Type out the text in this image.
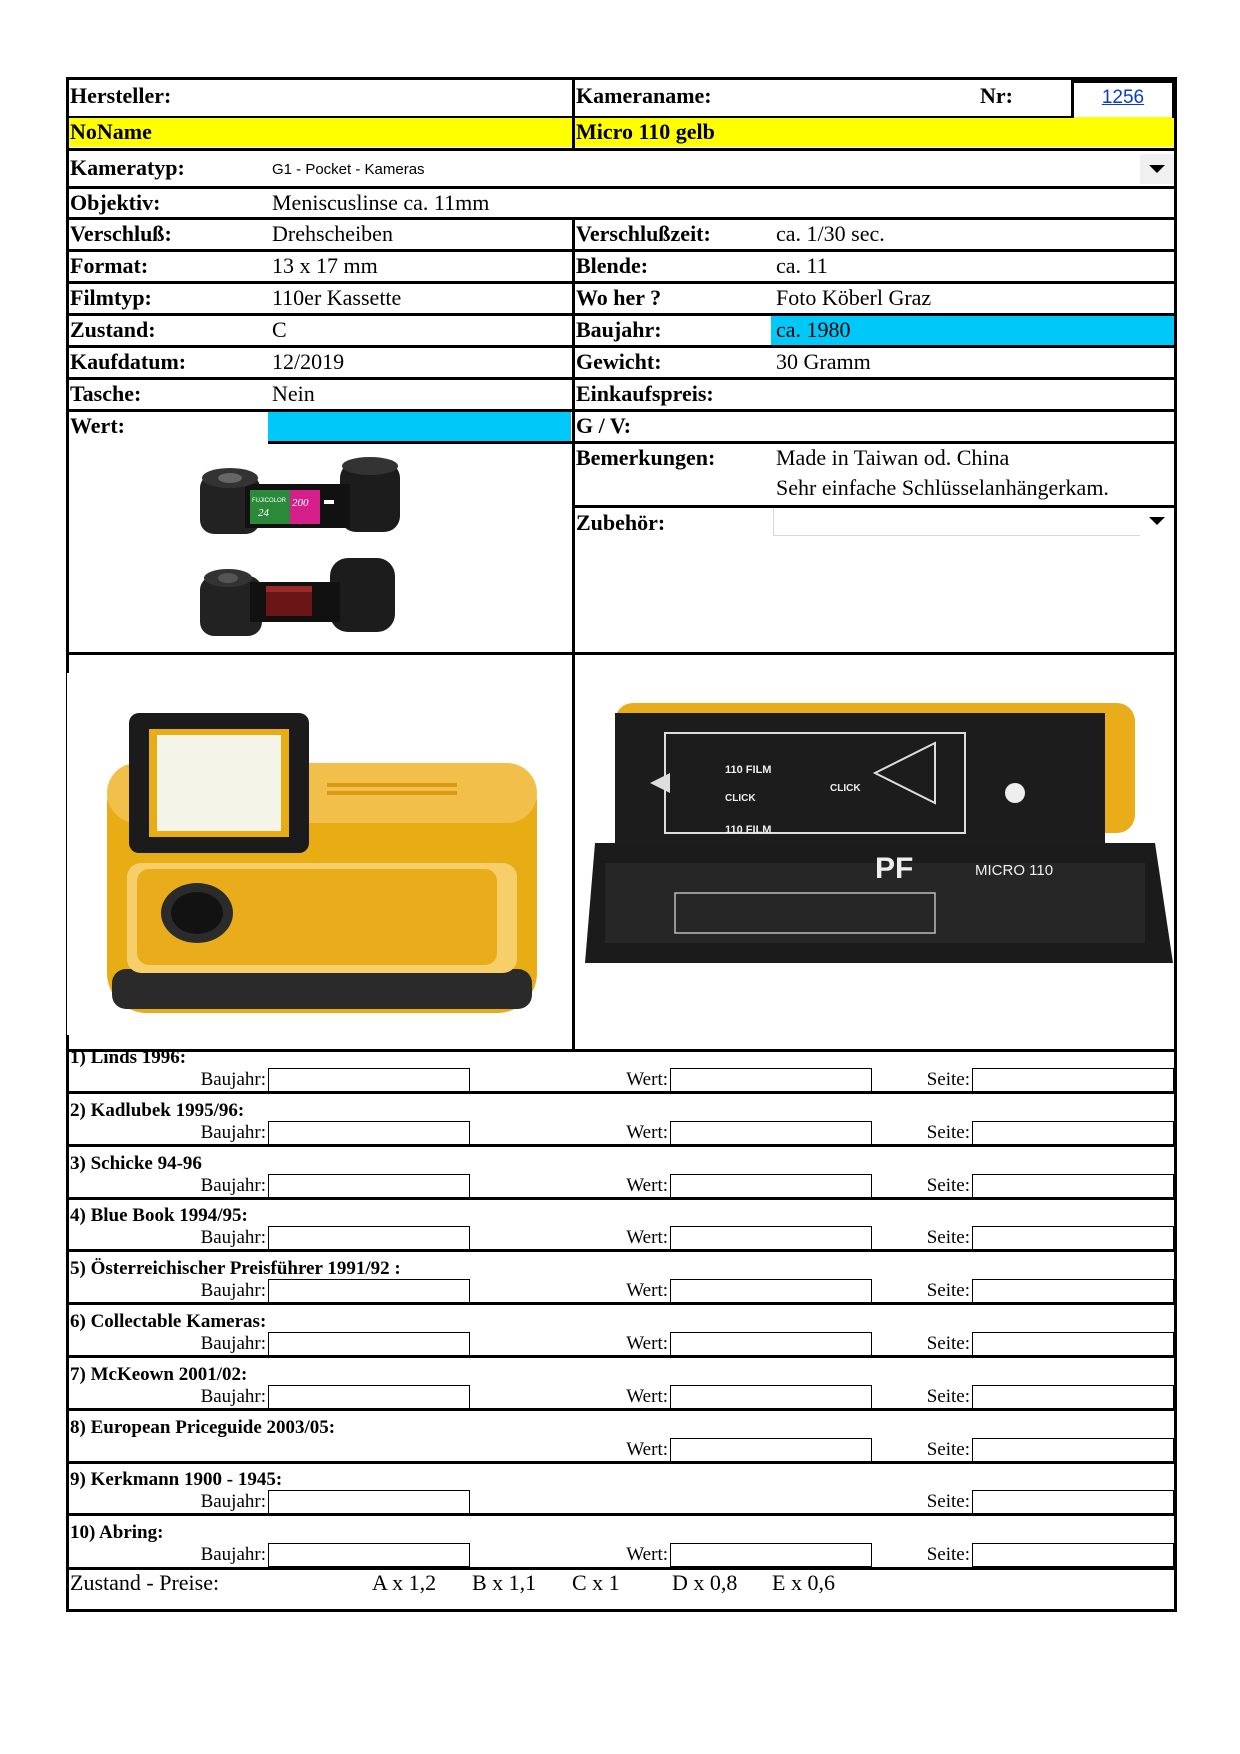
Hersteller:
NoName
Kameraname:
Micro 110 gelb
Nr:	1256
Kameratyp:	G1 - Pocket - Kameras
Objektiv:	Meniscuslinse ca. 11mm
Verschluß:	Drehscheiben
Format:	13 x 17 mm
Filmtyp:	110er Kassette
Zustand:	C
Kaufdatum:	12/2019
Tasche:	Nein
Wert:
Verschlußzeit:	ca. 1/30 sec.
Blende:	ca. 11
Wo her ?	Foto Köberl Graz
Baujahr:	ca. 1980
Gewicht:	30 Gramm
Einkaufspreis:
G / V:
Bemerkungen:	Made in Taiwan od. China
Sehr einfache Schlüsselanhängerkam.
Zubehör:
FUJICOLOR
24
200
110 FILM
CLICK
CLICK
110 FILM
PF	MICRO 110
1) Linds 1996:
Baujahr:	Wert:	Seite:
2) Kadlubek 1995/96:
Baujahr:	Wert:	Seite:
3) Schicke 94-96
Baujahr:	Wert:	Seite:
4) Blue Book 1994/95:
Baujahr:	Wert:	Seite:
5) Österreichischer Preisführer 1991/92 :
Baujahr:	Wert:	Seite:
6) Collectable Kameras:
Baujahr:	Wert:	Seite:
7) McKeown 2001/02:
Baujahr:	Wert:	Seite:
8) European Priceguide 2003/05:
Wert:	Seite:
9) Kerkmann 1900 - 1945:
Baujahr:	Seite:
10) Abring:
Baujahr:	Wert:	Seite:
Zustand - Preise:	A x 1,2 B x 1,1 C x 1 D x 0,8 E x 0,6
